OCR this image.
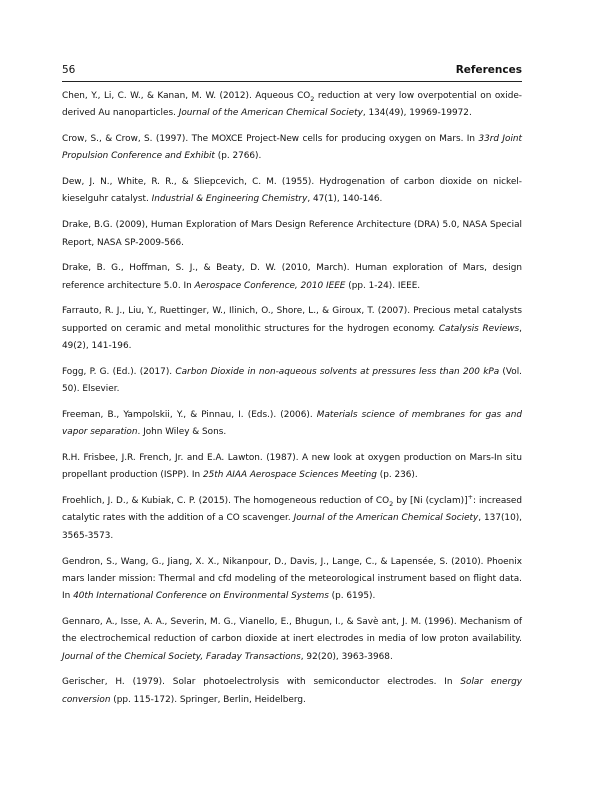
56	References

Chen, Y., Li, C. W., & Kanan, M. W. (2012). Aqueous $CO_2$ reduction at very low overpotential on oxide-derived Au nanoparticles. Journal of the American Chemical Society, 134(49), 19969-19972.

Crow, S., & Crow, S. (1997). The MOXCE Project-New cells for producing oxygen on Mars. In 33rd Joint Propulsion Conference and Exhibit (p. 2766).

Dew, J. N., White, R. R., & Sliepcevich, C. M. (1955). Hydrogenation of carbon dioxide on nickel-kieselguhr catalyst. Industrial & Engineering Chemistry, 47(1), 140-146.

Drake, B.G. (2009), Human Exploration of Mars Design Reference Architecture (DRA) 5.0, NASA Special Report, NASA SP-2009-566.

Drake, B. G., Hoffman, S. J., & Beaty, D. W. (2010, March). Human exploration of Mars, design reference architecture 5.0. In Aerospace Conference, 2010 IEEE (pp. 1-24). IEEE.

Farrauto, R. J., Liu, Y., Ruettinger, W., Ilinich, O., Shore, L., & Giroux, T. (2007). Precious metal catalysts supported on ceramic and metal monolithic structures for the hydrogen economy. Catalysis Reviews, 49(2), 141-196.

Fogg, P. G. (Ed.). (2017). Carbon Dioxide in non-aqueous solvents at pressures less than 200 kPa (Vol. 50). Elsevier.

Freeman, B., Yampolskii, Y., & Pinnau, I. (Eds.). (2006). Materials science of membranes for gas and vapor separation. John Wiley & Sons.

R.H. Frisbee, J.R. French, Jr. and E.A. Lawton. (1987). A new look at oxygen production on Mars-In situ propellant production (ISPP). In 25th AIAA Aerospace Sciences Meeting (p. 236).

Froehlich, J. D., & Kubiak, C. P. (2015). The homogeneous reduction of $CO_2$ by [Ni (cyclam)]+: increased catalytic rates with the addition of a CO scavenger. Journal of the American Chemical Society, 137(10), 3565-3573.

Gendron, S., Wang, G., Jiang, X. X., Nikanpour, D., Davis, J., Lange, C., & Lapensée, S. (2010). Phoenix mars lander mission: Thermal and cfd modeling of the meteorological instrument based on flight data. In 40th International Conference on Environmental Systems (p. 6195).

Gennaro, A., Isse, A. A., Severin, M. G., Vianello, E., Bhugun, I., & Savè ant, J. M. (1996). Mechanism of the electrochemical reduction of carbon dioxide at inert electrodes in media of low proton availability. Journal of the Chemical Society, Faraday Transactions, 92(20), 3963-3968.

Gerischer, H. (1979). Solar photoelectrolysis with semiconductor electrodes. In Solar energy conversion (pp. 115-172). Springer, Berlin, Heidelberg.
